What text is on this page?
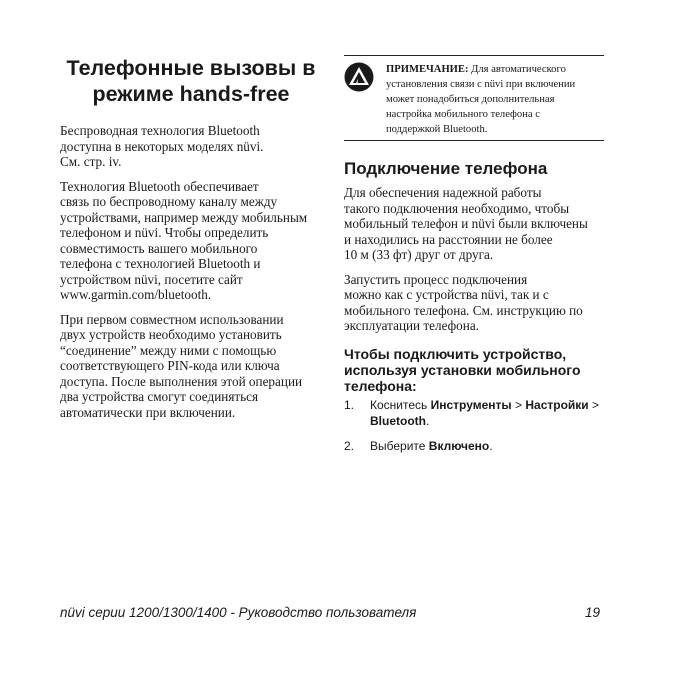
Телефонные вызовы в
режиме hands-free

Беспроводная технология Bluetooth
доступна в некоторых моделях nüvi.
См. стр. iv.

Технология Bluetooth обеспечивает
связь по беспроводному каналу между
устройствами, например между мобильным
телефоном и nüvi. Чтобы определить
совместимость вашего мобильного
телефона с технологией Bluetooth и
устройством nüvi, посетите сайт
www.garmin.com/bluetooth.

При первом совместном использовании
двух устройств необходимо установить
“соединение” между ними с помощью
соответствующего PIN-кода или ключа
доступа. После выполнения этой операции
два устройства смогут соединяться
автоматически при включении.

ПРИМЕЧАНИЕ: Для автоматического
установления связи с nüvi при включении
может понадобиться дополнительная
настройка мобильного телефона с
поддержкой Bluetooth.
Подключение телефона

Для обеспечения надежной работы
такого подключения необходимо, чтобы
мобильный телефон и nüvi были включены
и находились на расстоянии не более
10 м (33 фт) друг от друга.

Запустить процесс подключения
можно как с устройства nüvi, так и с
мобильного телефона. См. инструкцию по
эксплуатации телефона.

Чтобы подключить устройство,
используя установки мобильного
телефона:
1. Коснитесь Инструменты > Настройки >
Bluetooth.
2. Выберите Включено.
nüvi серии 1200/1300/1400 - Руководство пользователя	19
